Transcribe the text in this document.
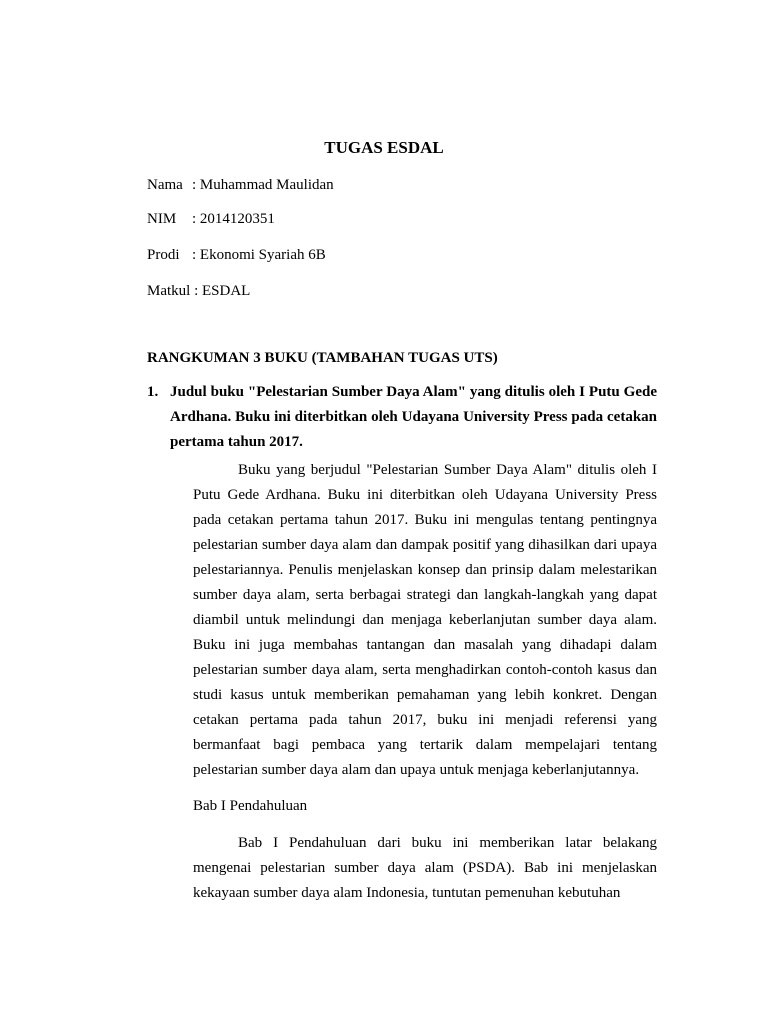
TUGAS ESDAL
Nama : Muhammad Maulidan
NIM : 2014120351
Prodi : Ekonomi Syariah 6B
Matkul : ESDAL
RANGKUMAN 3 BUKU (TAMBAHAN TUGAS UTS)
1. Judul buku "Pelestarian Sumber Daya Alam" yang ditulis oleh I Putu Gede Ardhana. Buku ini diterbitkan oleh Udayana University Press pada cetakan pertama tahun 2017.
Buku yang berjudul "Pelestarian Sumber Daya Alam" ditulis oleh I Putu Gede Ardhana. Buku ini diterbitkan oleh Udayana University Press pada cetakan pertama tahun 2017. Buku ini mengulas tentang pentingnya pelestarian sumber daya alam dan dampak positif yang dihasilkan dari upaya pelestariannya. Penulis menjelaskan konsep dan prinsip dalam melestarikan sumber daya alam, serta berbagai strategi dan langkah-langkah yang dapat diambil untuk melindungi dan menjaga keberlanjutan sumber daya alam. Buku ini juga membahas tantangan dan masalah yang dihadapi dalam pelestarian sumber daya alam, serta menghadirkan contoh-contoh kasus dan studi kasus untuk memberikan pemahaman yang lebih konkret. Dengan cetakan pertama pada tahun 2017, buku ini menjadi referensi yang bermanfaat bagi pembaca yang tertarik dalam mempelajari tentang pelestarian sumber daya alam dan upaya untuk menjaga keberlanjutannya.
Bab I Pendahuluan
Bab I Pendahuluan dari buku ini memberikan latar belakang mengenai pelestarian sumber daya alam (PSDA). Bab ini menjelaskan kekayaan sumber daya alam Indonesia, tuntutan pemenuhan kebutuhan
